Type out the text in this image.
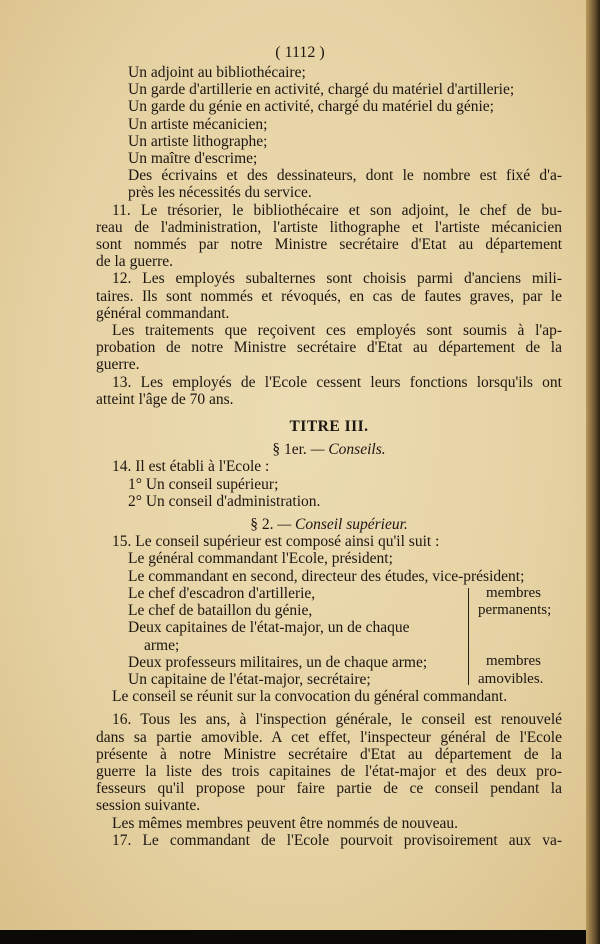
( 1112 )
Un adjoint au bibliothécaire;
Un garde d'artillerie en activité, chargé du matériel d'artillerie;
Un garde du génie en activité, chargé du matériel du génie;
Un artiste mécanicien;
Un artiste lithographe;
Un maître d'escrime;
Des écrivains et des dessinateurs, dont le nombre est fixé d'a-
près les nécessités du service.
11. Le trésorier, le bibliothécaire et son adjoint, le chef de bu-
reau de l'administration, l'artiste lithographe et l'artiste mécanicien
sont nommés par notre Ministre secrétaire d'Etat au département
de la guerre.
12. Les employés subalternes sont choisis parmi d'anciens mili-
taires. Ils sont nommés et révoqués, en cas de fautes graves, par le
général commandant.
Les traitements que reçoivent ces employés sont soumis à l'ap-
probation de notre Ministre secrétaire d'Etat au département de la
guerre.
13. Les employés de l'Ecole cessent leurs fonctions lorsqu'ils ont
atteint l'âge de 70 ans.
TITRE III.
§ 1er. — Conseils.
14. Il est établi à l'Ecole :
1° Un conseil supérieur;
2° Un conseil d'administration.
§ 2. — Conseil supérieur.
15. Le conseil supérieur est composé ainsi qu'il suit :
Le général commandant l'Ecole, président;
Le commandant en second, directeur des études, vice-président;
Le chef d'escadron d'artillerie,
Le chef de bataillon du génie,
Deux capitaines de l'état-major, un de chaque
arme;
Deux professeurs militaires, un de chaque arme;
Un capitaine de l'état-major, secrétaire;
membres
permanents;
membres
amovibles.
Le conseil se réunit sur la convocation du général commandant.
16. Tous les ans, à l'inspection générale, le conseil est renouvelé
dans sa partie amovible. A cet effet, l'inspecteur général de l'Ecole
présente à notre Ministre secrétaire d'Etat au département de la
guerre la liste des trois capitaines de l'état-major et des deux pro-
fesseurs qu'il propose pour faire partie de ce conseil pendant la
session suivante.
Les mêmes membres peuvent être nommés de nouveau.
17. Le commandant de l'Ecole pourvoit provisoirement aux va-
